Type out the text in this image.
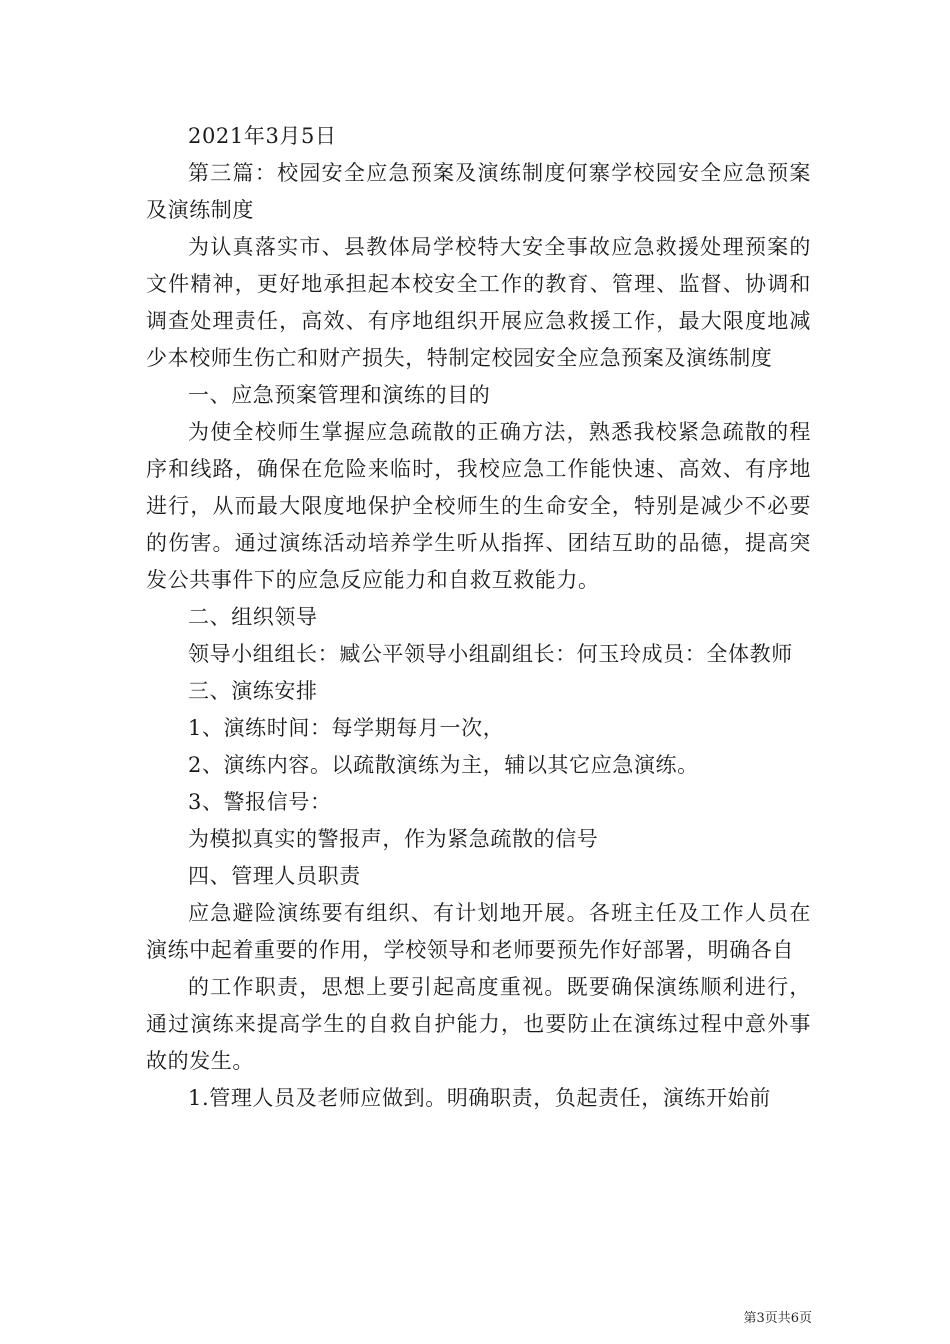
2021年3月5日

第三篇：校园安全应急预案及演练制度何寨学校园安全应急预案及演练制度

为认真落实市、县教体局学校特大安全事故应急救援处理预案的文件精神，更好地承担起本校安全工作的教育、管理、监督、协调和调查处理责任，高效、有序地组织开展应急救援工作，最大限度地减少本校师生伤亡和财产损失，特制定校园安全应急预案及演练制度

一、应急预案管理和演练的目的

为使全校师生掌握应急疏散的正确方法，熟悉我校紧急疏散的程序和线路，确保在危险来临时，我校应急工作能快速、高效、有序地进行，从而最大限度地保护全校师生的生命安全，特别是减少不必要的伤害。通过演练活动培养学生听从指挥、团结互助的品德，提高突发公共事件下的应急反应能力和自救互救能力。

二、组织领导

领导小组组长：臧公平领导小组副组长：何玉玲成员：全体教师

三、演练安排

1、演练时间：每学期每月一次，

2、演练内容。以疏散演练为主，辅以其它应急演练。

3、警报信号：

为模拟真实的警报声，作为紧急疏散的信号

四、管理人员职责

应急避险演练要有组织、有计划地开展。各班主任及工作人员在演练中起着重要的作用，学校领导和老师要预先作好部署，明确各自

的工作职责，思想上要引起高度重视。既要确保演练顺利进行，通过演练来提高学生的自救自护能力，也要防止在演练过程中意外事故的发生。

1.管理人员及老师应做到。明确职责，负起责任，演练开始前

第3页共6页
